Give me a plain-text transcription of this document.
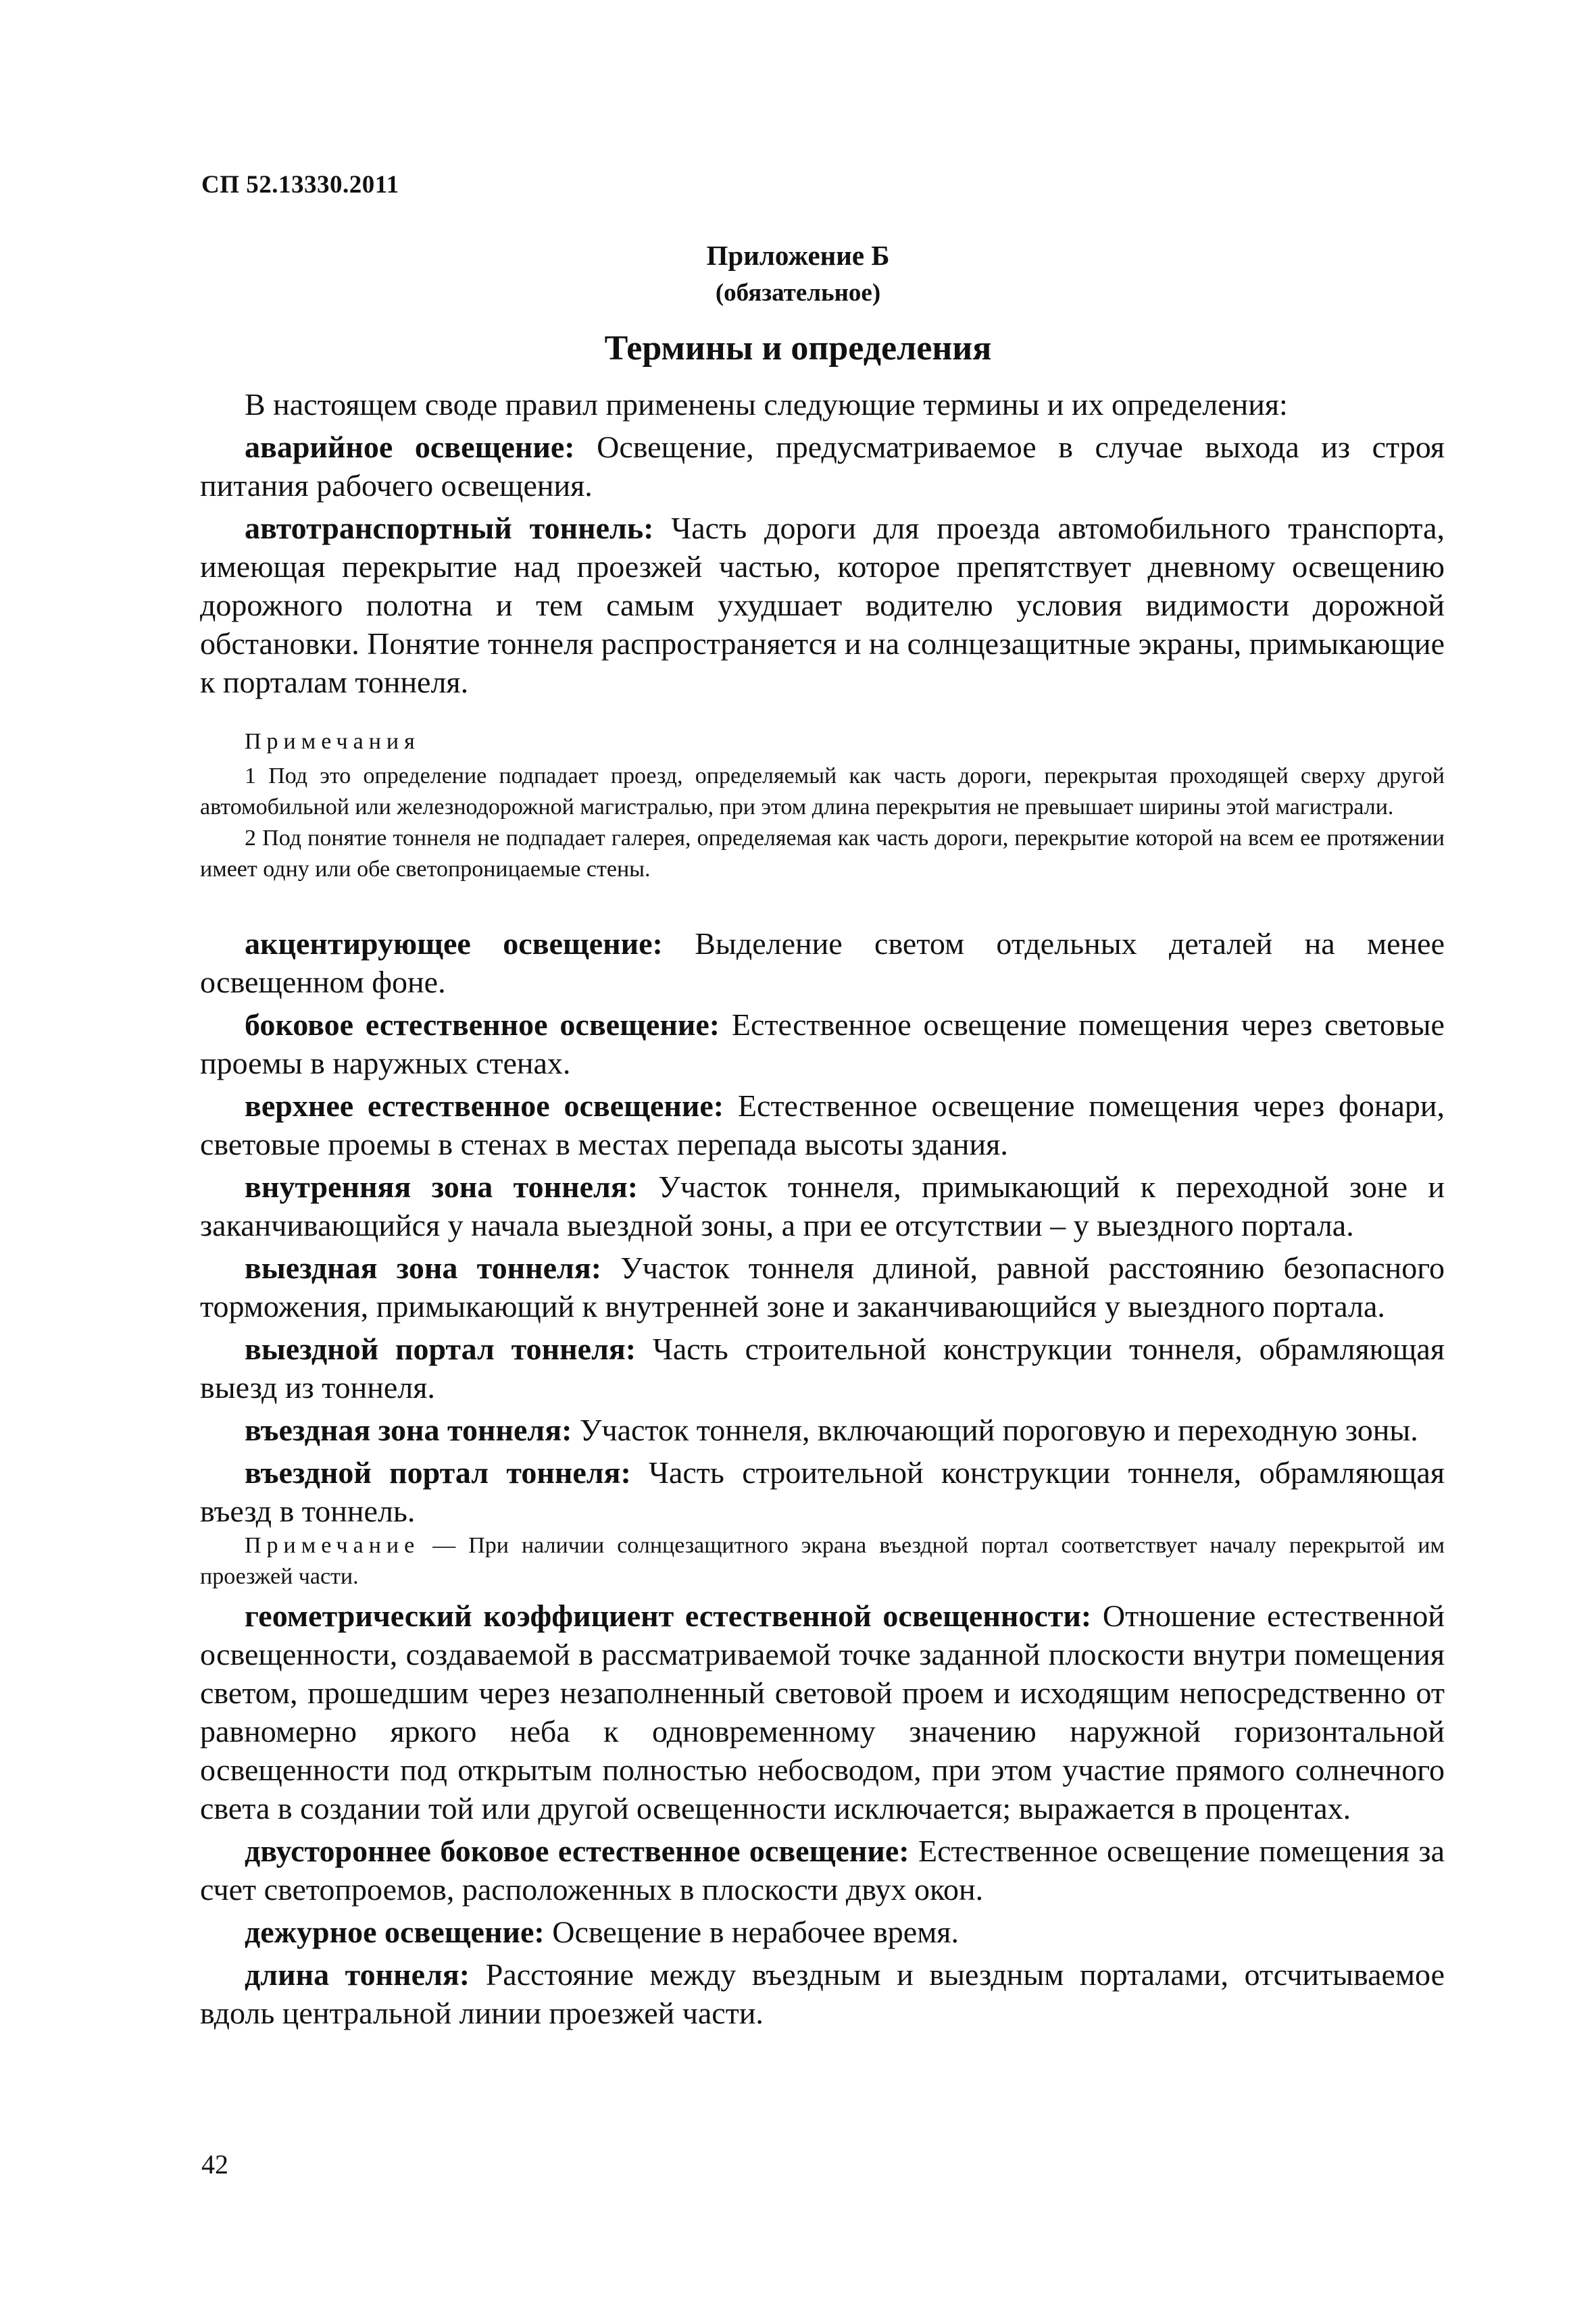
СП 52.13330.2011
Приложение Б
(обязательное)
Термины и определения

В настоящем своде правил применены следующие термины и их определения:

аварийное освещение: Освещение, предусматриваемое в случае выхода из строя питания рабочего освещения.

автотранспортный тоннель: Часть дороги для проезда автомобильного транспорта, имеющая перекрытие над проезжей частью, которое препятствует дневному освещению дорожного полотна и тем самым ухудшает водителю условия видимости дорожной обстановки. Понятие тоннеля распространяется и на солнцезащитные экраны, примыкающие к порталам тоннеля.

Примечания

1 Под это определение подпадает проезд, определяемый как часть дороги, перекрытая проходящей сверху другой автомобильной или железнодорожной магистралью, при этом длина перекрытия не превышает ширины этой магистрали.

2 Под понятие тоннеля не подпадает галерея, определяемая как часть дороги, перекрытие которой на всем ее протяжении имеет одну или обе светопроницаемые стены.

акцентирующее освещение: Выделение светом отдельных деталей на менее освещенном фоне.

боковое естественное освещение: Естественное освещение помещения через световые проемы в наружных стенах.

верхнее естественное освещение: Естественное освещение помещения через фонари, световые проемы в стенах в местах перепада высоты здания.

внутренняя зона тоннеля: Участок тоннеля, примыкающий к переходной зоне и заканчивающийся у начала выездной зоны, а при ее отсутствии – у выездного портала.

выездная зона тоннеля: Участок тоннеля длиной, равной расстоянию безопасного торможения, примыкающий к внутренней зоне и заканчивающийся у выездного портала.

выездной портал тоннеля: Часть строительной конструкции тоннеля, обрамляющая выезд из тоннеля.

въездная зона тоннеля: Участок тоннеля, включающий пороговую и переходную зоны.

въездной портал тоннеля: Часть строительной конструкции тоннеля, обрамляющая въезд в тоннель.

Примечание — При наличии солнцезащитного экрана въездной портал соответствует началу перекрытой им проезжей части.

геометрический коэффициент естественной освещенности: Отношение естественной освещенности, создаваемой в рассматриваемой точке заданной плоскости внутри помещения светом, прошедшим через незаполненный световой проем и исходящим непосредственно от равномерно яркого неба к одновременному значению наружной горизонтальной освещенности под открытым полностью небосводом, при этом участие прямого солнечного света в создании той или другой освещенности исключается; выражается в процентах.

двустороннее боковое естественное освещение: Естественное освещение помещения за счет светопроемов, расположенных в плоскости двух окон.

дежурное освещение: Освещение в нерабочее время.

длина тоннеля: Расстояние между въездным и выездным порталами, отсчитываемое вдоль центральной линии проезжей части.

42
